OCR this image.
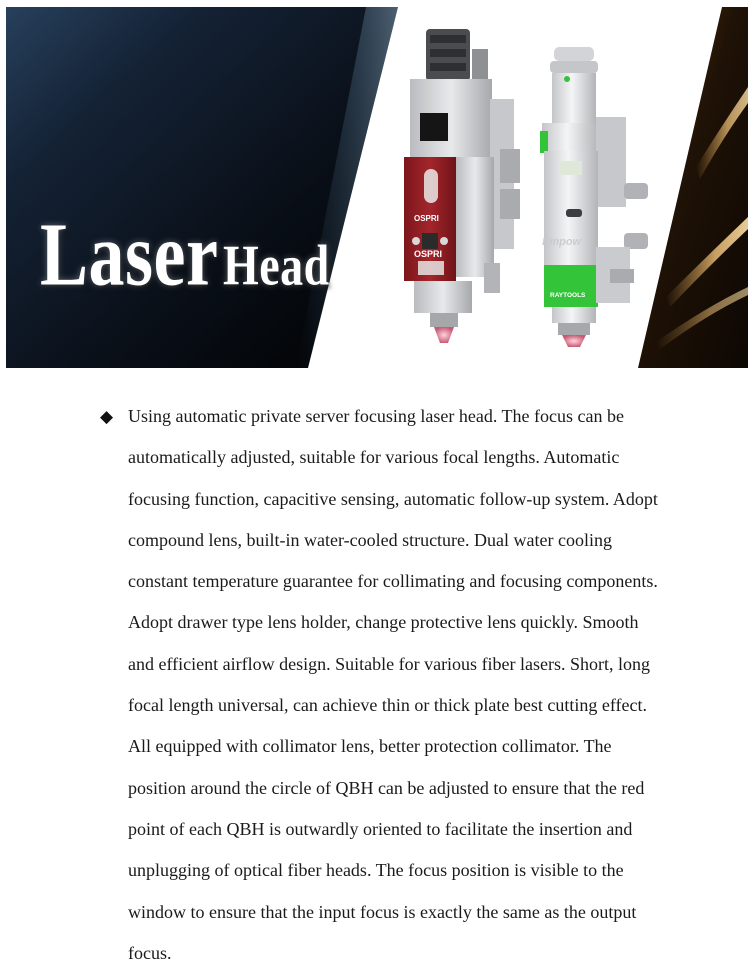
OSPRI
OSPRI
RAYTOOLS
Empow
Laser Head
◆ Using automatic private server focusing laser head. The focus can be automatically adjusted, suitable for various focal lengths. Automatic focusing function, capacitive sensing, automatic follow-up system. Adopt compound lens, built-in water-cooled structure. Dual water cooling constant temperature guarantee for collimating and focusing components. Adopt drawer type lens holder, change protective lens quickly. Smooth and efficient airflow design. Suitable for various fiber lasers. Short, long focal length universal, can achieve thin or thick plate best cutting effect. All equipped with collimator lens, better protection collimator. The position around the circle of QBH can be adjusted to ensure that the red point of each QBH is outwardly oriented to facilitate the insertion and unplugging of optical fiber heads. The focus position is visible to the window to ensure that the input focus is exactly the same as the output focus.
